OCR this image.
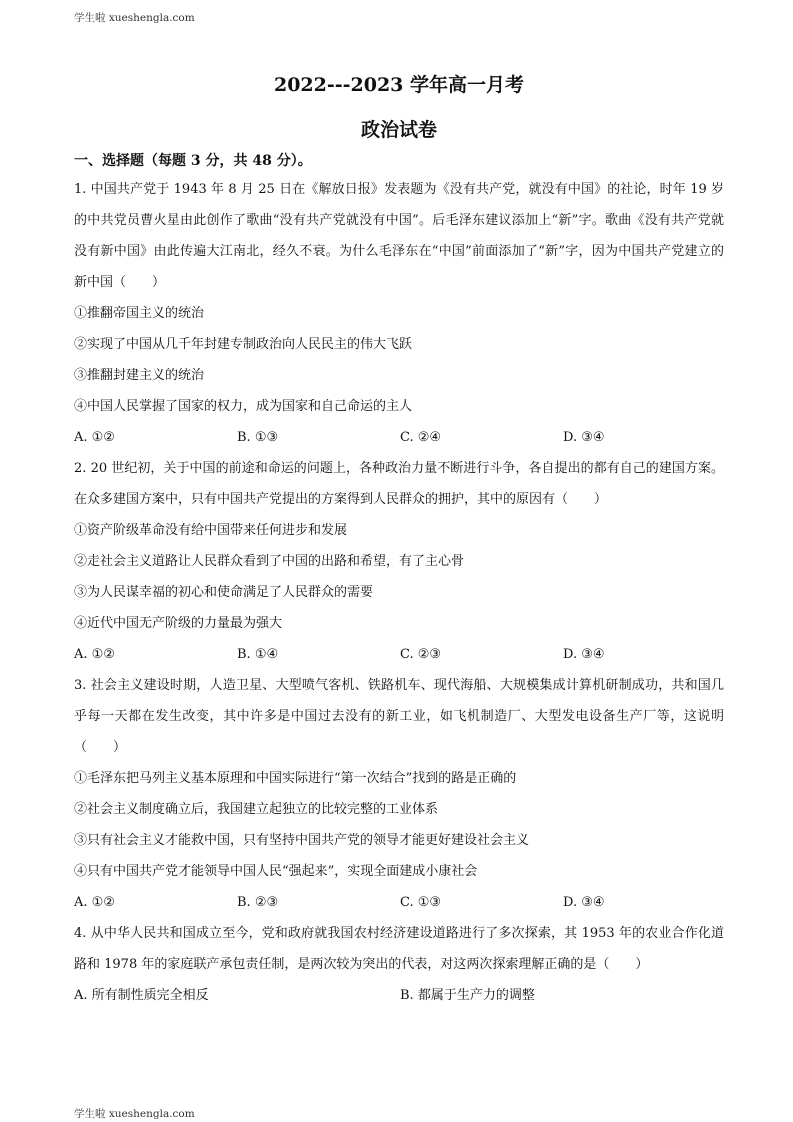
学生啦 xueshengla.com
2022---2023 学年高一月考
政治试卷
一、选择题（每题 3 分，共 48 分）。
1. 中国共产党于 1943 年 8 月 25 日在《解放日报》发表题为《没有共产党，就没有中国》的社论，时年 19 岁的中共党员曹火星由此创作了歌曲“没有共产党就没有中国”。后毛泽东建议添加上“新”字。歌曲《没有共产党就没有新中国》由此传遍大江南北，经久不衰。为什么毛泽东在“中国”前面添加了“新”字，因为中国共产党建立的新中国（　　）
①推翻帝国主义的统治
②实现了中国从几千年封建专制政治向人民民主的伟大飞跃
③推翻封建主义的统治
④中国人民掌握了国家的权力，成为国家和自己命运的主人
A. ①②	B. ①③	C. ②④	D. ③④
2. 20 世纪初，关于中国的前途和命运的问题上，各种政治力量不断进行斗争，各自提出的都有自己的建国方案。在众多建国方案中，只有中国共产党提出的方案得到人民群众的拥护，其中的原因有（　　）
①资产阶级革命没有给中国带来任何进步和发展
②走社会主义道路让人民群众看到了中国的出路和希望，有了主心骨
③为人民谋幸福的初心和使命满足了人民群众的需要
④近代中国无产阶级的力量最为强大
A. ①②	B. ①④	C. ②③	D. ③④
3. 社会主义建设时期，人造卫星、大型喷气客机、铁路机车、现代海船、大规模集成计算机研制成功，共和国几乎每一天都在发生改变，其中许多是中国过去没有的新工业，如飞机制造厂、大型发电设备生产厂等，这说明（　　）
①毛泽东把马列主义基本原理和中国实际进行“第一次结合”找到的路是正确的
②社会主义制度确立后，我国建立起独立的比较完整的工业体系
③只有社会主义才能救中国，只有坚持中国共产党的领导才能更好建设社会主义
④只有中国共产党才能领导中国人民“强起来”，实现全面建成小康社会
A. ①②	B. ②③	C. ①③	D. ③④
4. 从中华人民共和国成立至今，党和政府就我国农村经济建设道路进行了多次探索，其 1953 年的农业合作化道路和 1978 年的家庭联产承包责任制，是两次较为突出的代表，对这两次探索理解正确的是（　　）
A. 所有制性质完全相反	B. 都属于生产力的调整
学生啦 xueshengla.com
